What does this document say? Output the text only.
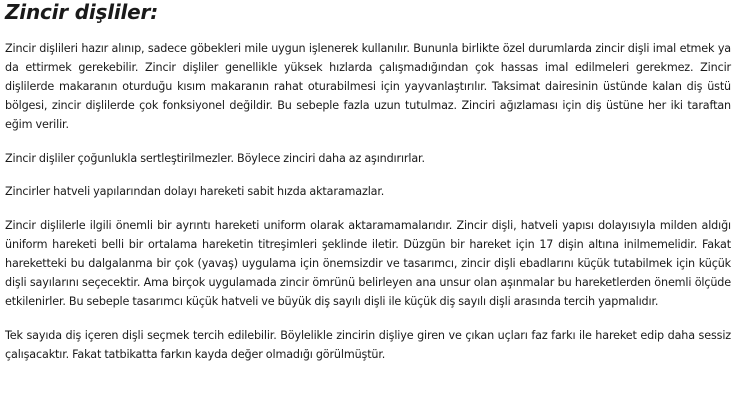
Zincir dişliler:

Zincir dişlileri hazır alınıp, sadece göbekleri mile uygun işlenerek kullanılır. Bununla birlikte özel durumlarda zincir dişli imal etmek ya da ettirmek gerekebilir. Zincir dişliler genellikle yüksek hızlarda çalışmadığından çok hassas imal edilmeleri gerekmez. Zincir dişlilerde makaranın oturduğu kısım makaranın rahat oturabilmesi için yayvanlaştırılır. Taksimat dairesinin üstünde kalan diş üstü bölgesi, zincir dişlilerde çok fonksiyonel değildir. Bu sebeple fazla uzun tutulmaz. Zinciri ağızlaması için diş üstüne her iki taraftan eğim verilir.

Zincir dişliler çoğunlukla sertleştirilmezler. Böylece zinciri daha az aşındırırlar.

Zincirler hatveli yapılarından dolayı hareketi sabit hızda aktaramazlar.

Zincir dişlilerle ilgili önemli bir ayrıntı hareketi uniform olarak aktaramamalarıdır. Zincir dişli, hatveli yapısı dolayısıyla milden aldığı üniform hareketi belli bir ortalama hareketin titreşimleri şeklinde iletir. Düzgün bir hareket için 17 dişin altına inilmemelidir. Fakat hareketteki bu dalgalanma bir çok (yavaş) uygulama için önemsizdir ve tasarımcı, zincir dişli ebadlarını küçük tutabilmek için küçük dişli sayılarını seçecektir. Ama birçok uygulamada zincir ömrünü belirleyen ana unsur olan aşınmalar bu hareketlerden önemli ölçüde etkilenirler. Bu sebeple tasarımcı küçük hatveli ve büyük diş sayılı dişli ile küçük diş sayılı dişli arasında tercih yapmalıdır.

Tek sayıda diş içeren dişli seçmek tercih edilebilir. Böylelikle zincirin dişliye giren ve çıkan uçları faz farkı ile hareket edip daha sessiz çalışacaktır. Fakat tatbikatta farkın kayda değer olmadığı görülmüştür.
